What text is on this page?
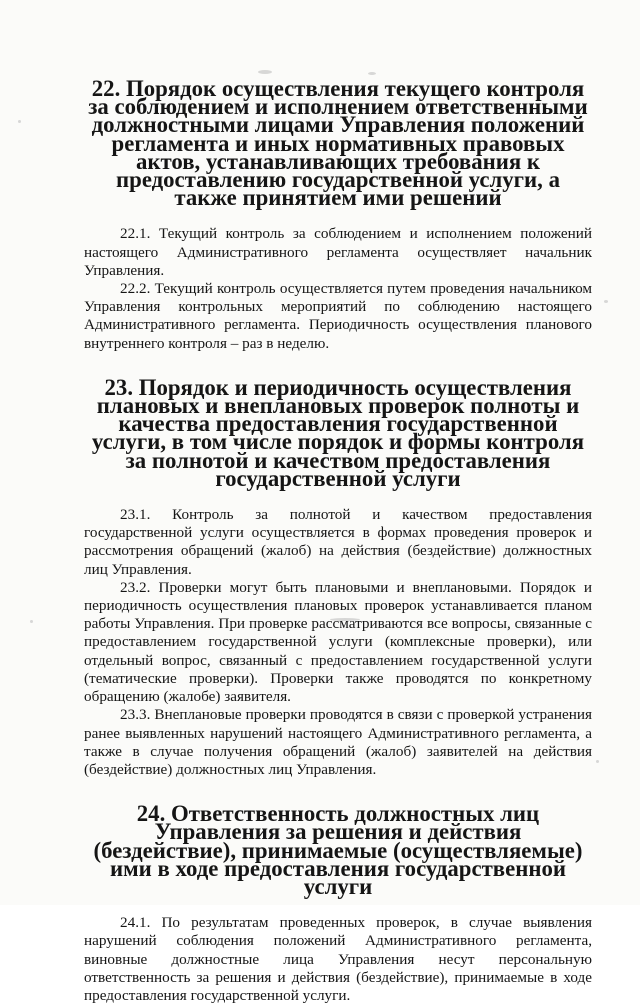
22. Порядок осуществления текущего контроля за соблюдением и исполнением ответственными должностными лицами Управления положений регламента и иных нормативных правовых актов, устанавливающих требования к предоставлению государственной услуги, а также принятием ими решений

22.1. Текущий контроль за соблюдением и исполнением положений настоящего Административного регламента осуществляет начальник Управления.

22.2. Текущий контроль осуществляется путем проведения начальником Управления контрольных мероприятий по соблюдению настоящего Административного регламента. Периодичность осуществления планового внутреннего контроля – раз в неделю.

23. Порядок и периодичность осуществления плановых и внеплановых проверок полноты и качества предоставления государственной услуги, в том числе порядок и формы контроля за полнотой и качеством предоставления государственной услуги

23.1. Контроль за полнотой и качеством предоставления государственной услуги осуществляется в формах проведения проверок и рассмотрения обращений (жалоб) на действия (бездействие) должностных лиц Управления.

23.2. Проверки могут быть плановыми и внеплановыми. Порядок и периодичность осуществления плановых проверок устанавливается планом работы Управления. При проверке рассматриваются все вопросы, связанные с предоставлением государственной услуги (комплексные проверки), или отдельный вопрос, связанный с предоставлением государственной услуги (тематические проверки). Проверки также проводятся по конкретному обращению (жалобе) заявителя.

23.3. Внеплановые проверки проводятся в связи с проверкой устранения ранее выявленных нарушений настоящего Административного регламента, а также в случае получения обращений (жалоб) заявителей на действия (бездействие) должностных лиц Управления.

24. Ответственность должностных лиц Управления за решения и действия (бездействие), принимаемые (осуществляемые) ими в ходе предоставления государственной услуги

24.1. По результатам проведенных проверок, в случае выявления нарушений соблюдения положений Административного регламента, виновные должностные лица Управления несут персональную ответственность за решения и действия (бездействие), принимаемые в ходе предоставления государственной услуги.
